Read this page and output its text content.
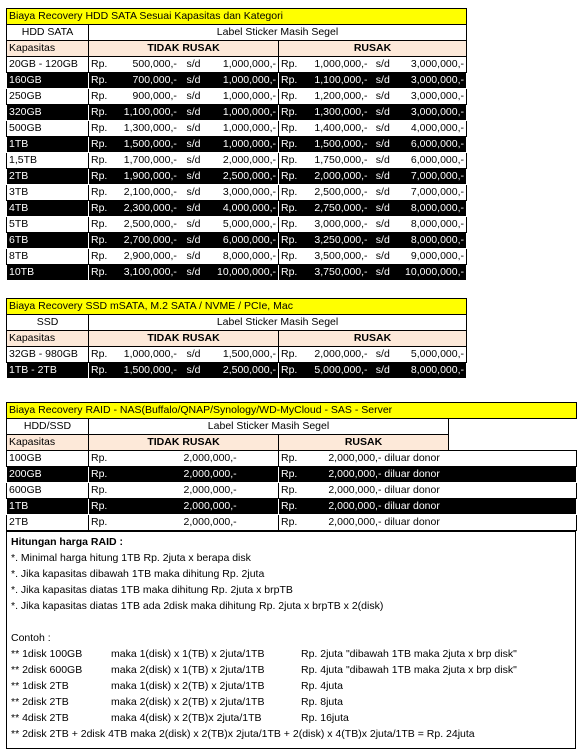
Biaya Recovery HDD SATA Sesuai Kapasitas dan Kategori		
HDD SATA	Label Sticker Masih Segel	
Kapasitas	TIDAK RUSAK	RUSAK
20GB - 120GB	Rp. 500,000,- s/d 1,000,000,-	Rp. 1,000,000,- s/d 3,000,000,-

160GB	Rp. 700,000,- s/d 1,000,000,-	Rp. 1,100,000,- s/d 3,000,000,-

250GB	Rp. 900,000,- s/d 1,000,000,-	Rp. 1,200,000,- s/d 3,000,000,-

320GB	Rp. 1,100,000,- s/d 1,000,000,-	Rp. 1,300,000,- s/d 3,000,000,-

500GB	Rp. 1,300,000,- s/d 1,000,000,-	Rp. 1,400,000,- s/d 4,000,000,-

1TB	Rp. 1,500,000,- s/d 1,000,000,-	Rp. 1,500,000,- s/d 6,000,000,-

1,5TB	Rp. 1,700,000,- s/d 2,000,000,-	Rp. 1,750,000,- s/d 6,000,000,-

2TB	Rp. 1,900,000,- s/d 2,500,000,-	Rp. 2,000,000,- s/d 7,000,000,-

3TB	Rp. 2,100,000,- s/d 3,000,000,-	Rp. 2,500,000,- s/d 7,000,000,-

4TB	Rp. 2,300,000,- s/d 4,000,000,-	Rp. 2,750,000,- s/d 8,000,000,-

5TB	Rp. 2,500,000,- s/d 5,000,000,-	Rp. 3,000,000,- s/d 8,000,000,-

6TB	Rp. 2,700,000,- s/d 6,000,000,-	Rp. 3,250,000,- s/d 8,000,000,-

8TB	Rp. 2,900,000,- s/d 8,000,000,-	Rp. 3,500,000,- s/d 9,000,000,-

10TB	Rp. 3,100,000,- s/d 10,000,000,-	Rp. 3,750,000,- s/d 10,000,000,-
Biaya Recovery SSD mSATA, M.2 SATA / NVME / PCIe, Mac		
SSD	Label Sticker Masih Segel	
Kapasitas	TIDAK RUSAK	RUSAK
32GB - 980GB	Rp. 1,000,000,- s/d 1,500,000,-	Rp. 2,000,000,- s/d 5,000,000,-

1TB - 2TB	Rp. 1,500,000,- s/d 2,500,000,-	Rp. 5,000,000,- s/d 8,000,000,-
Biaya Recovery RAID - NAS(Buffalo/QNAP/Synology/WD-MyCloud - SAS - Server			
HDD/SSD	Label Sticker Masih Segel		
Kapasitas	TIDAK RUSAK	RUSAK	
100GB	Rp. 2,000,000,-	Rp. 2,000,000,- diluar donor	

200GB	Rp. 2,000,000,-	Rp. 2,000,000,- diluar donor	

600GB	Rp. 2,000,000,-	Rp. 2,000,000,- diluar donor	

1TB	Rp. 2,000,000,-	Rp. 2,000,000,- diluar donor	

2TB	Rp. 2,000,000,-	Rp. 2,000,000,- diluar donor	
Hitungan harga RAID :
*. Minimal harga hitung 1TB Rp. 2juta x berapa disk
*. Jika kapasitas dibawah 1TB maka dihitung Rp. 2juta
*. Jika kapasitas diatas 1TB maka dihitung Rp. 2juta x brpTB
*. Jika kapasitas diatas 1TB ada 2disk maka dihitung Rp. 2juta x brpTB x 2(disk)

Contoh :
** 1disk 100GB	maka 1(disk) x 1(TB) x 2juta/1TB	Rp. 2juta "dibawah 1TB maka 2juta x brp disk"
** 2disk 600GB	maka 2(disk) x 1(TB) x 2juta/1TB	Rp. 4juta "dibawah 1TB maka 2juta x brp disk"
** 1disk 2TB	maka 1(disk) x 2(TB) x 2juta/1TB	Rp. 4juta
** 2disk 2TB	maka 2(disk) x 2(TB) x 2juta/1TB	Rp. 8juta
** 4disk 2TB	maka 4(disk) x 2(TB)x 2juta/1TB	Rp. 16juta
** 2disk 2TB + 2disk 4TB maka 2(disk) x 2(TB)x 2juta/1TB + 2(disk) x 4(TB)x 2juta/1TB = Rp. 24juta
